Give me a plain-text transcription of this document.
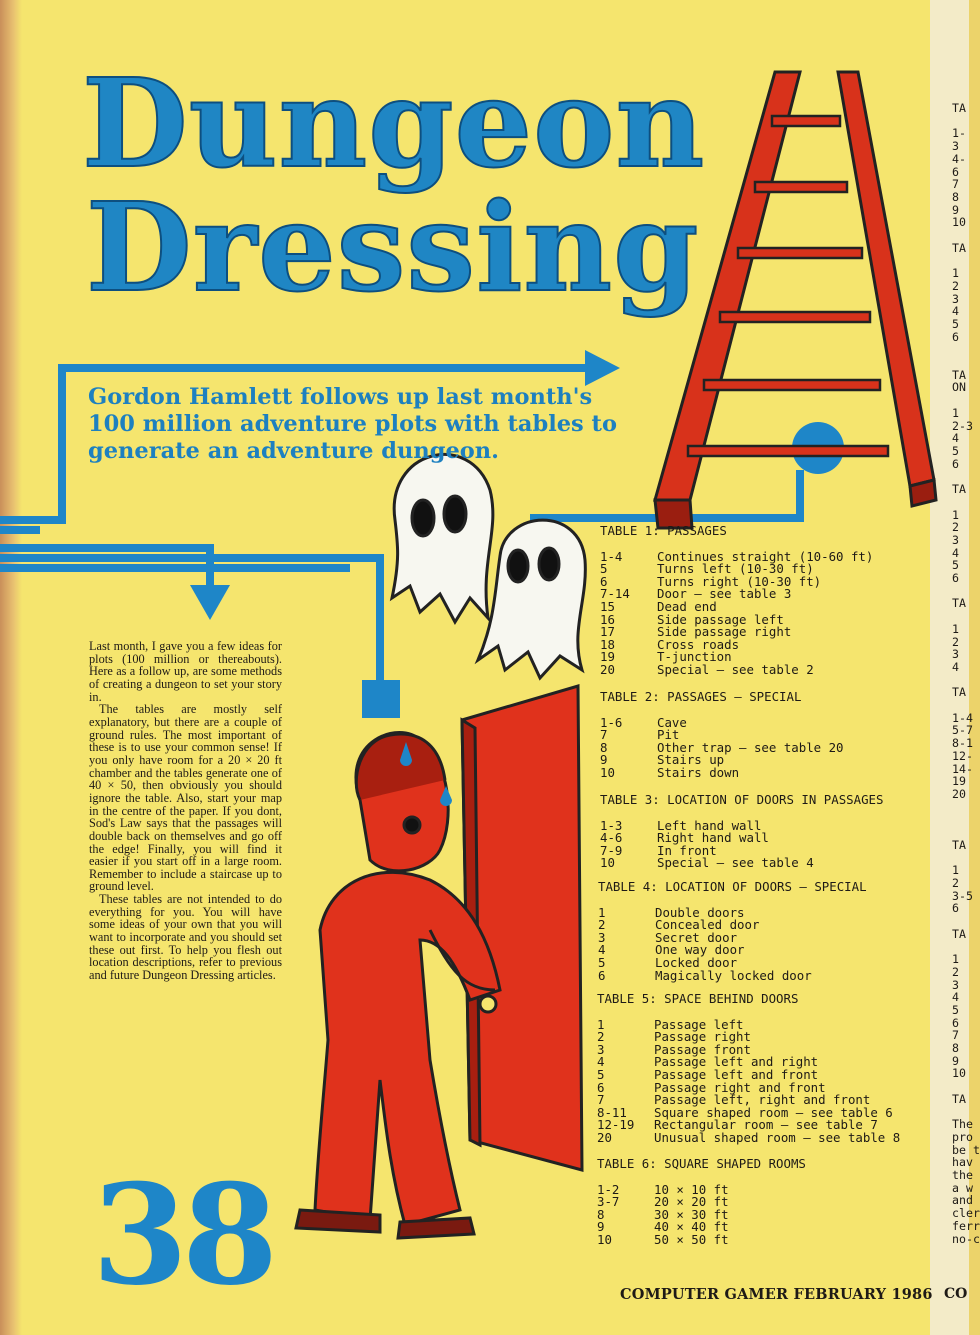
Dungeon
Dressing
Gordon Hamlett follows up last month's 100 million adventure plots with tables to generate an adventure dungeon.

Last month, I gave you a few ideas for plots (100 million or thereabouts). Here as a follow up, are some methods of creating a dungeon to set your story in.

The tables are mostly self explanatory, but there are a couple of ground rules. The most important of these is to use your common sense! If you only have room for a 20 × 20 ft chamber and the tables generate one of 40 × 50, then obviously you should ignore the table. Also, start your map in the centre of the paper. If you dont, Sod's Law says that the passages will double back on themselves and go off the edge! Finally, you will find it easier if you start off in a large room. Remember to include a staircase up to ground level.

These tables are not intended to do everything for you. You will have some ideas of your own that you will want to incorporate and you should set these out first. To help you flesh out location descriptions, refer to previous and future Dungeon Dressing articles.

38
TABLE 1: PASSAGES
1-4	Continues straight (10-60 ft)
5	Turns left (10-30 ft)
6	Turns right (10-30 ft)
7-14	Door — see table 3
15	Dead end
16	Side passage left
17	Side passage right
18	Cross roads
19	T-junction
20	Special — see table 2
TABLE 2: PASSAGES — SPECIAL
1-6	Cave
7	Pit
8	Other trap — see table 20
9	Stairs up
10	Stairs down
TABLE 3: LOCATION OF DOORS IN PASSAGES
1-3	Left hand wall
4-6	Right hand wall
7-9	In front
10	Special — see table 4
TABLE 4: LOCATION OF DOORS — SPECIAL
1	Double doors
2	Concealed door
3	Secret door
4	One way door
5	Locked door
6	Magically locked door
TABLE 5: SPACE BEHIND DOORS
1	Passage left
2	Passage right
3	Passage front
4	Passage left and right
5	Passage left and front
6	Passage right and front
7	Passage left, right and front
8-11	Square shaped room — see table 6
12-19	Rectangular room — see table 7
20	Unusual shaped room — see table 8
TABLE 6: SQUARE SHAPED ROOMS
1-2	10 × 10 ft
3-7	20 × 20 ft
8	30 × 30 ft
9	40 × 40 ft
10	50 × 50 ft
TA

1-
3
4-
6
7
8
9
10

TA

1
2
3
4
5
6

TA
ON

1
2-3
4
5
6

TA

1
2
3
4
5
6

TA

1
2
3
4

TA

1-4
5-7
8-1
12-
14-
19
20

TA

1
2
3-5
6

TA

1
2
3
4
5
6
7
8
9
10

TA

The
pro
be t
hav
the
a w
and
cler
ferr
no-c
COMPUTER GAMER FEBRUARY 1986 CO
